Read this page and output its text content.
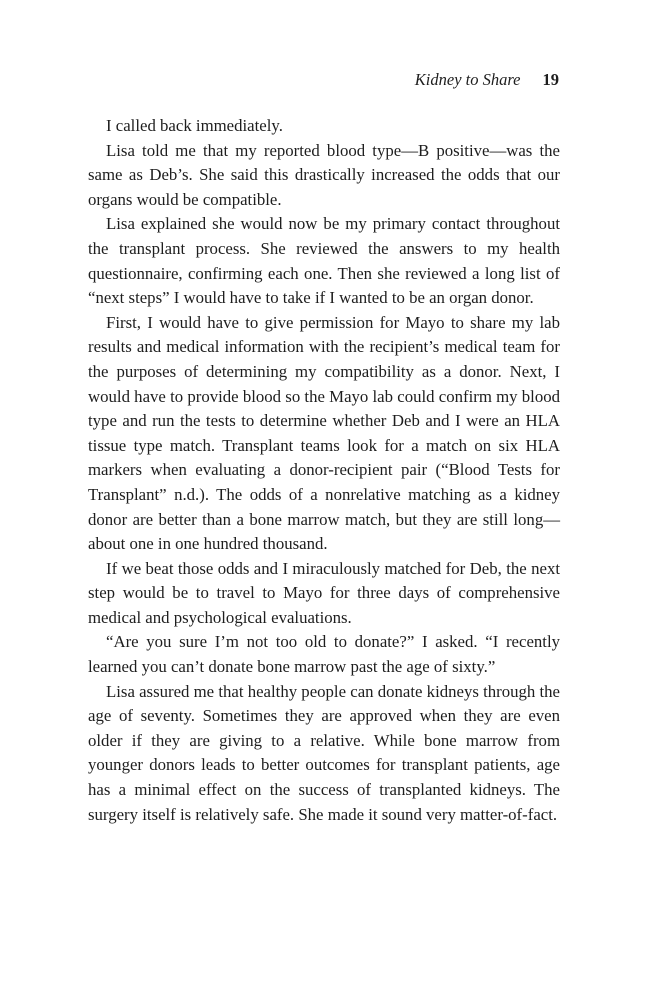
Kidney to Share 19

I called back immediately.

Lisa told me that my reported blood type—B positive—was the same as Deb’s. She said this drastically increased the odds that our organs would be compatible.

Lisa explained she would now be my primary contact throughout the transplant process. She reviewed the answers to my health questionnaire, confirming each one. Then she reviewed a long list of “next steps” I would have to take if I wanted to be an organ donor.

First, I would have to give permission for Mayo to share my lab results and medical information with the recipient’s medical team for the purposes of determining my compatibility as a donor. Next, I would have to provide blood so the Mayo lab could confirm my blood type and run the tests to determine whether Deb and I were an HLA tissue type match. Transplant teams look for a match on six HLA markers when evaluating a donor-recipient pair (“Blood Tests for Transplant” n.d.). The odds of a nonrelative matching as a kidney donor are better than a bone marrow match, but they are still long—about one in one hundred thousand.

If we beat those odds and I miraculously matched for Deb, the next step would be to travel to Mayo for three days of comprehensive medical and psychological evaluations.

“Are you sure I’m not too old to donate?” I asked. “I recently learned you can’t donate bone marrow past the age of sixty.”

Lisa assured me that healthy people can donate kidneys through the age of seventy. Sometimes they are approved when they are even older if they are giving to a relative. While bone marrow from younger donors leads to better outcomes for transplant patients, age has a minimal effect on the success of transplanted kidneys. The surgery itself is relatively safe. She made it sound very matter-of-fact.
